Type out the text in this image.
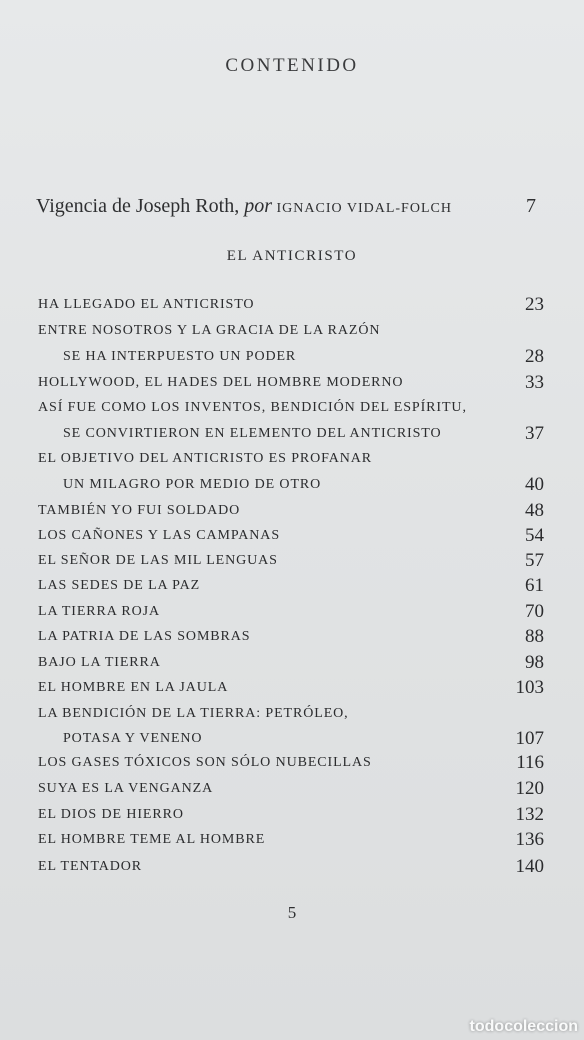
CONTENIDO
Vigencia de Joseph Roth, por IGNACIO VIDAL-FOLCH	7
EL ANTICRISTO
HA LLEGADO EL ANTICRISTO	23
ENTRE NOSOTROS Y LA GRACIA DE LA RAZÓN
SE HA INTERPUESTO UN PODER	28
HOLLYWOOD, EL HADES DEL HOMBRE MODERNO	33
ASÍ FUE COMO LOS INVENTOS, BENDICIÓN DEL ESPÍRITU,
SE CONVIRTIERON EN ELEMENTO DEL ANTICRISTO	37
EL OBJETIVO DEL ANTICRISTO ES PROFANAR
UN MILAGRO POR MEDIO DE OTRO	40
TAMBIÉN YO FUI SOLDADO	48
LOS CAÑONES Y LAS CAMPANAS	54
EL SEÑOR DE LAS MIL LENGUAS	57
LAS SEDES DE LA PAZ	61
LA TIERRA ROJA	70
LA PATRIA DE LAS SOMBRAS	88
BAJO LA TIERRA	98
EL HOMBRE EN LA JAULA	103
LA BENDICIÓN DE LA TIERRA: PETRÓLEO,
POTASA Y VENENO	107
LOS GASES TÓXICOS SON SÓLO NUBECILLAS	116
SUYA ES LA VENGANZA	120
EL DIOS DE HIERRO	132
EL HOMBRE TEME AL HOMBRE	136
EL TENTADOR	140
5
todocoleccion
